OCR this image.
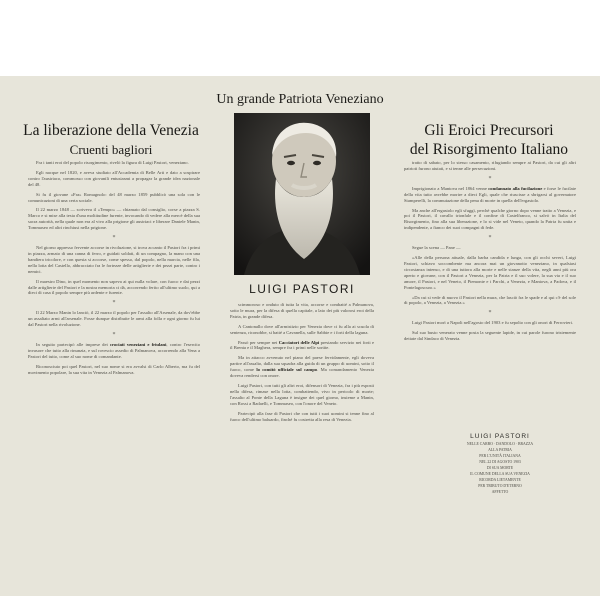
Un grande Patriota Veneziano
La liberazione della Venezia
Cruenti bagliori
Gli Eroici Precursori
del Risorgimento Italiano
LUIGI PASTORI

Fra i tanti eroi del popolo risorgimento, rivelò la figura di Luigi Pastori, veneziano.

Egli nacque nel 1820, e aveva studiato all'Accademia di Belle Arti e dato a sospirare contro l'austriaco, commosso con giovanili entusiasmi a propagar la grande idea nazionale del 48.

Si fu il giovane «Fra» Romagnolo: del 48 marzo 1859 pubblicò una sola con le comunicazioni di una certa sociale.

Il 22 marzo 1848 — scriveva il «Tempo» — chiamato dal consiglio, corse a piazza S. Marco e si mise alla testa d'una moltitudine furente, invocando di vedere alla mercè della sua sacra autorità, nella quale non era al vivo alla prigione gli austriaci e liberare Daniele Manin, Tommaseo ed altri rinchiusi nella prigione.

*

Nel giorno appresso fervente accorse in rivoluzione, si trova accanto il Pastori fra i primi in piazza, armato di una canna di ferro, e guidati soldati, di un compagno, la mano con una bandiera tricolore, e con questa si accorse, come spesso, dal popolo, nella marcia, nelle fila, nella lotta del Castello, abbracciato fra le fortezze delle artiglierie e dei pezzi parte, contro i nemici.

Il maestro Dino, in quel momento non sapeva ai qui nulla volare, con fuoco e dai pezzi dalle artiglierie del Pastori e la nostra memoria ci dà, accorrendo ferito all'ultimo suolo, qui a dieci di casa il popolo sempre più ardente e furente.

*

Il 22 Marzo Manin lo lanciò, il 22 marzo il popolo per l'assalto all'Arsenale, da dov'ebbe un assaltato armi all'arsenale. Fosse dunque distribuite le armi alla folla e ogni giorno fu lui dal Pastori nella rivoluzione.

*

In seguito partecipò alle imprese dei crociati veneziani e friulani, contro l'esercito invasore che tutto alla rinunzia, e sul rovescio assedio di Palmanova, accorrendo alla Vena a Pastori del tutto, come al suo nome di comandante.

Riconosciuto poi quel Pastori, nel suo nome si era avvalsi di Carlo Alberto, ma fu del movimento popolare, la sua vita in Venezia al Palmanova.

scimmoroso e onduto di tutta la vita, accorse e combatté a Palmanova, sotto le mura, per la difesa di quella capitale, a lato dei più valorosi eroi della Patria, in grande difesa.

A Cantonallo dove all'armistizio per Venezia dove ci fu alla ai scuola di sentenza, riconobbe, si batté a Cavanella, sulle Sabbie e i forti della laguna.

Passò per sempre nei Cacciatori delle Alpi prestando servizio nei forti e il Brenta e il Maghera, sempre fra i primi nelle sortite.

Ma in attacco avvenuto nel piano del paese fervidamente, egli doveva partire all'assalto, dalla sua squadra alla guida di un gruppo di uomini, sotto il fuoco, come lo comitò ufficiale sul campo. Ma comandamento Venezia doveva rendersi con onore.

Luigi Pastori, con tutti gli altri eroi, difensori di Venezia, fra i più esposti nella difesa, rimase nella lotta, combattendo, vivo in pericolo di morte; l'assalto al Ponte della Laguna è insigne dei quel giorno, insieme a Manin, con Rossi a Radaelli, e Tommaseo, con l'onore del Veneto.

Partecipò alla fase di Pastori che con tutti i suoi uomini si tenne fino al fuoco dell'ultimo baluardo, finché fu costretta alla resa di Venezia.

tratto di sabato, per lo stesso casamento, rifugiando sempre ai Pastori, da cui gli altri patrioti furono aiutati, e si tenne alle persecuzioni.

*

Imprigionato a Mantova nel 1864 venne condannato alla fucilazione e forse le fucilate della vita tutto avrebbe morire a dieci Egli, quale che riuscisse a sbrigarsi al governatore Stamperelli, la commutazione della pena di morte in quella dell'ergastolo.

Ma anche all'ergastolo egli sfuggì, perchè qualche giorno dopo venne tratto a Venezia, e poi il Pastori, il cavallo trionfale e il confine di Castelfranco, si salvò in Italia del Risorgimento, fino alla sua liberazione, e lo si vide nel Veneto, quando la Patria fu unita e indipendente, a fianco dei suoi compagni di fede.

*

Segue la scena — Pane —

«Alle della persona attuale, dalla barba candida e lunga, con gli occhi severi, Luigi Pastori, schiavo soccombente ma ancora mai un giovanotto veneziano, in qualsiasi circostanza intenso, e di una tuttora alla morte e nelle stanze della vita, negli anni più ora aperto e giovane, con il Pastori a Venezia, per la Patria e il suo volere, la sua via e il suo amore, il Pastori, e nel Veneto, il Piemonte e i Parchi, a Venezia, e Mantova, a Padova, e il Pontelagoscuro.»

«Da cui si vede di nuovo il Pastori nella mura, che lasciò fra le spade e al qui c'è del sole di popolo, a Venezia, a Venezia.»

*

Luigi Pastori morì a Napoli nell'agosto del 1903 e fu sepolto con gli onori di Ferrovieri.

Sul suo busto venerato venne posta la seguente lapide, in cui parole furono tristemente dettate dal Sindaco di Venezia.

LUIGI PASTORI
NELLE CARBO · DANDOLO · BRAZZA
ALLA PATRIA
PER L'UNITÀ ITALIANA
NEL 22 DI AGOSTO 1903
DI SUA MORTE
IL COMUNE DELLA SUA VENEZIA
RICORDA LIETAMENTE
PER TRIBUTO D'ETERNO
AFFETTO
